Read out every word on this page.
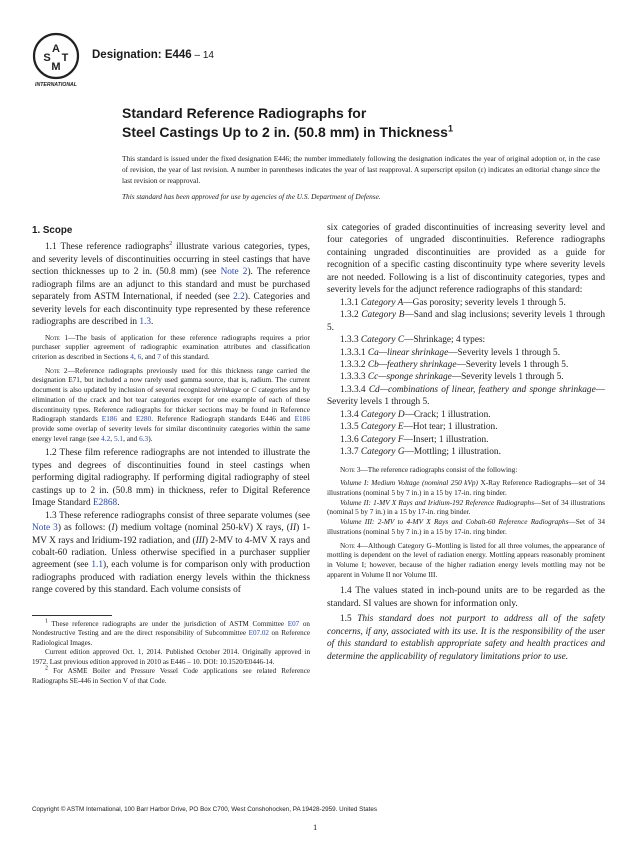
A
S T
M
INTERNATIONAL
Designation: E446 – 14
Standard Reference Radiographs for
Steel Castings Up to 2 in. (50.8 mm) in Thickness$^1$

This standard is issued under the fixed designation E446; the number immediately following the designation indicates the year of original adoption or, in the case of revision, the year of last revision. A number in parentheses indicates the year of last reapproval. A superscript epsilon (ε) indicates an editorial change since the last revision or reapproval.

This standard has been approved for use by agencies of the U.S. Department of Defense.

1. Scope

1.1 These reference radiographs$^2$ illustrate various categories, types, and severity levels of discontinuities occurring in steel castings that have section thicknesses up to 2 in. (50.8 mm) (see Note 2). The reference radiograph films are an adjunct to this standard and must be purchased separately from ASTM International, if needed (see 2.2). Categories and severity levels for each discontinuity type represented by these reference radiographs are described in 1.3.

Note 1—The basis of application for these reference radiographs requires a prior purchaser supplier agreement of radiographic examination attributes and classification criterion as described in Sections 4, 6, and 7 of this standard.

Note 2—Reference radiographs previously used for this thickness range carried the designation E71, but included a now rarely used gamma source, that is, radium. The current document is also updated by inclusion of several recognized shrinkage or C categories and by elimination of the crack and hot tear categories except for one example of each of these discontinuity types. Reference radiographs for thicker sections may be found in Reference Radiograph standards E186 and E280. Reference Radiograph standards E446 and E186 provide some overlap of severity levels for similar discontinuity categories within the same energy level range (see 4.2, 5.1, and 6.3).

1.2 These film reference radiographs are not intended to illustrate the types and degrees of discontinuities found in steel castings when performing digital radiography. If performing digital radiography of steel castings up to 2 in. (50.8 mm) in thickness, refer to Digital Reference Image Standard E2868.

1.3 These reference radiographs consist of three separate volumes (see Note 3) as follows: (I) medium voltage (nominal 250-kV) X rays, (II) 1-MV X rays and Iridium-192 radiation, and (III) 2-MV to 4-MV X rays and cobalt-60 radiation. Unless otherwise specified in a purchaser supplier agreement (see 1.1), each volume is for comparison only with production radiographs produced with radiation energy levels within the thickness range covered by this standard. Each volume consists of

$^1$ These reference radiographs are under the jurisdiction of ASTM Committee E07 on Nondestructive Testing and are the direct responsibility of Subcommittee E07.02 on Reference Radiological Images.

Current edition approved Oct. 1, 2014. Published October 2014. Originally approved in 1972. Last previous edition approved in 2010 as E446 – 10. DOI: 10.1520/E0446-14.

$^2$ For ASME Boiler and Pressure Vessel Code applications see related Reference Radiographs SE-446 in Section V of that Code.

six categories of graded discontinuities of increasing severity level and four categories of ungraded discontinuities. Reference radiographs containing ungraded discontinuities are provided as a guide for recognition of a specific casting discontinuity type where severity levels are not needed. Following is a list of discontinuity categories, types and severity levels for the adjunct reference radiographs of this standard:

1.3.1 Category A—Gas porosity; severity levels 1 through 5.

1.3.2 Category B—Sand and slag inclusions; severity levels 1 through 5.

1.3.3 Category C—Shrinkage; 4 types:

1.3.3.1 Ca—linear shrinkage—Severity levels 1 through 5.

1.3.3.2 Cb—feathery shrinkage—Severity levels 1 through 5.

1.3.3.3 Cc—sponge shrinkage—Severity levels 1 through 5.

1.3.3.4 Cd—combinations of linear, feathery and sponge shrinkage—Severity levels 1 through 5.

1.3.4 Category D—Crack; 1 illustration.

1.3.5 Category E—Hot tear; 1 illustration.

1.3.6 Category F—Insert; 1 illustration.

1.3.7 Category G—Mottling; 1 illustration.

Note 3—The reference radiographs consist of the following:

Volume I: Medium Voltage (nominal 250 kVp) X-Ray Reference Radiographs—set of 34 illustrations (nominal 5 by 7 in.) in a 15 by 17-in. ring binder.

Volume II: 1-MV X Rays and Iridium-192 Reference Radiographs—Set of 34 illustrations (nominal 5 by 7 in.) in a 15 by 17-in. ring binder.

Volume III: 2-MV to 4-MV X Rays and Cobalt-60 Reference Radiographs—Set of 34 illustrations (nominal 5 by 7 in.) in a 15 by 17-in. ring binder.

Note 4—Although Category G–Mottling is listed for all three volumes, the appearance of mottling is dependent on the level of radiation energy. Mottling appears reasonably prominent in Volume I; however, because of the higher radiation energy levels mottling may not be apparent in Volume II nor Volume III.

1.4 The values stated in inch-pound units are to be regarded as the standard. SI values are shown for information only.

1.5 This standard does not purport to address all of the safety concerns, if any, associated with its use. It is the responsibility of the user of this standard to establish appropriate safety and health practices and determine the applicability of regulatory limitations prior to use.

Copyright © ASTM International, 100 Barr Harbor Drive, PO Box C700, West Conshohocken, PA 19428-2959. United States
1
